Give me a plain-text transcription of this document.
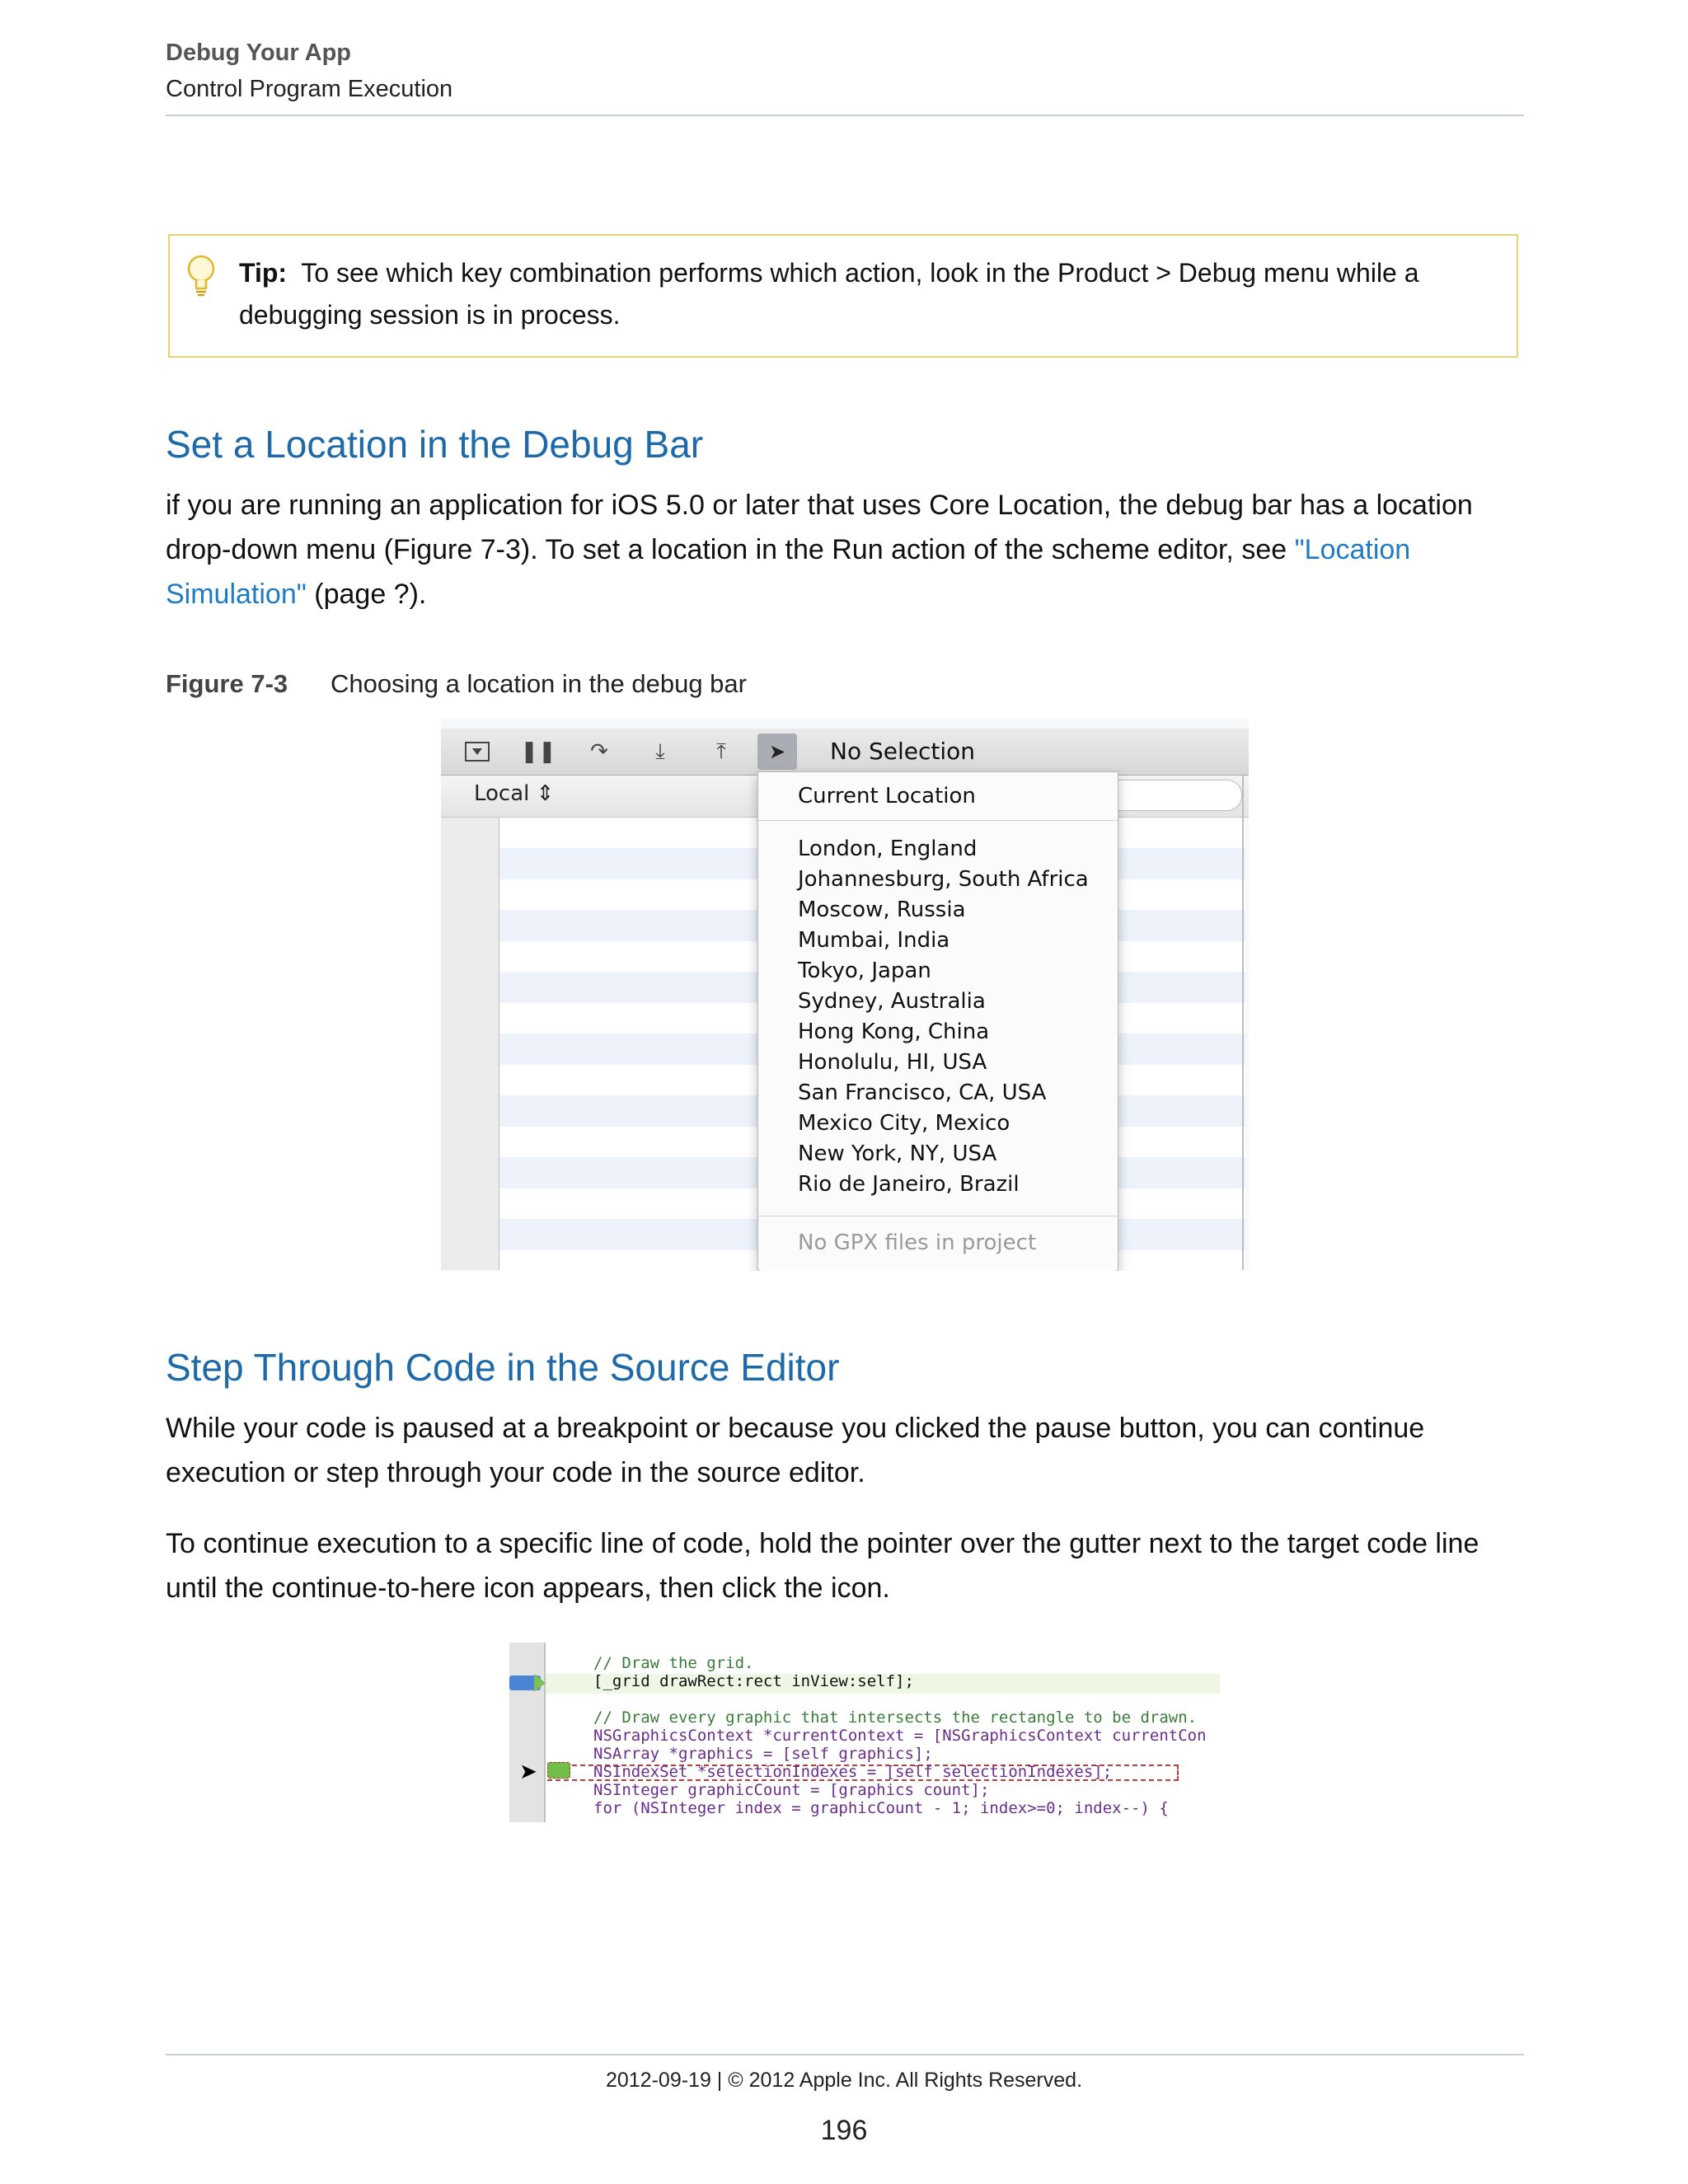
Debug Your App
Control Program Execution
Tip: To see which key combination performs which action, look in the Product > Debug menu while a debugging session is in process.
Set a Location in the Debug Bar
if you are running an application for iOS 5.0 or later that uses Core Location, the debug bar has a location drop-down menu (Figure 7-3). To set a location in the Run action of the scheme editor, see "Location Simulation" (page ?).
Figure 7-3 Choosing a location in the debug bar
❚❚	↷	⤓	⤒	➤	No Selection
Local ⇕	Current Location
London, England
Johannesburg, South Africa
Moscow, Russia
Mumbai, India
Tokyo, Japan
Sydney, Australia
Hong Kong, China
Honolulu, HI, USA
San Francisco, CA, USA
Mexico City, Mexico
New York, NY, USA
Rio de Janeiro, Brazil
No GPX files in project
Step Through Code in the Source Editor
While your code is paused at a breakpoint or because you clicked the pause button, you can continue execution or step through your code in the source editor.
To continue execution to a specific line of code, hold the pointer over the gutter next to the target code line until the continue-to-here icon appears, then click the icon.
// Draw the grid.
[_grid drawRect:rect inView:self];
// Draw every graphic that intersects the rectangle to be drawn.
NSGraphicsContext *currentContext = [NSGraphicsContext currentCon
NSArray *graphics = [self graphics];
NSIndexSet *selectionIndexes = [self selectionIndexes];
NSInteger graphicCount = [graphics count];
for (NSInteger index = graphicCount - 1; index>=0; index--) {
➤
2012-09-19 | © 2012 Apple Inc. All Rights Reserved.
196
